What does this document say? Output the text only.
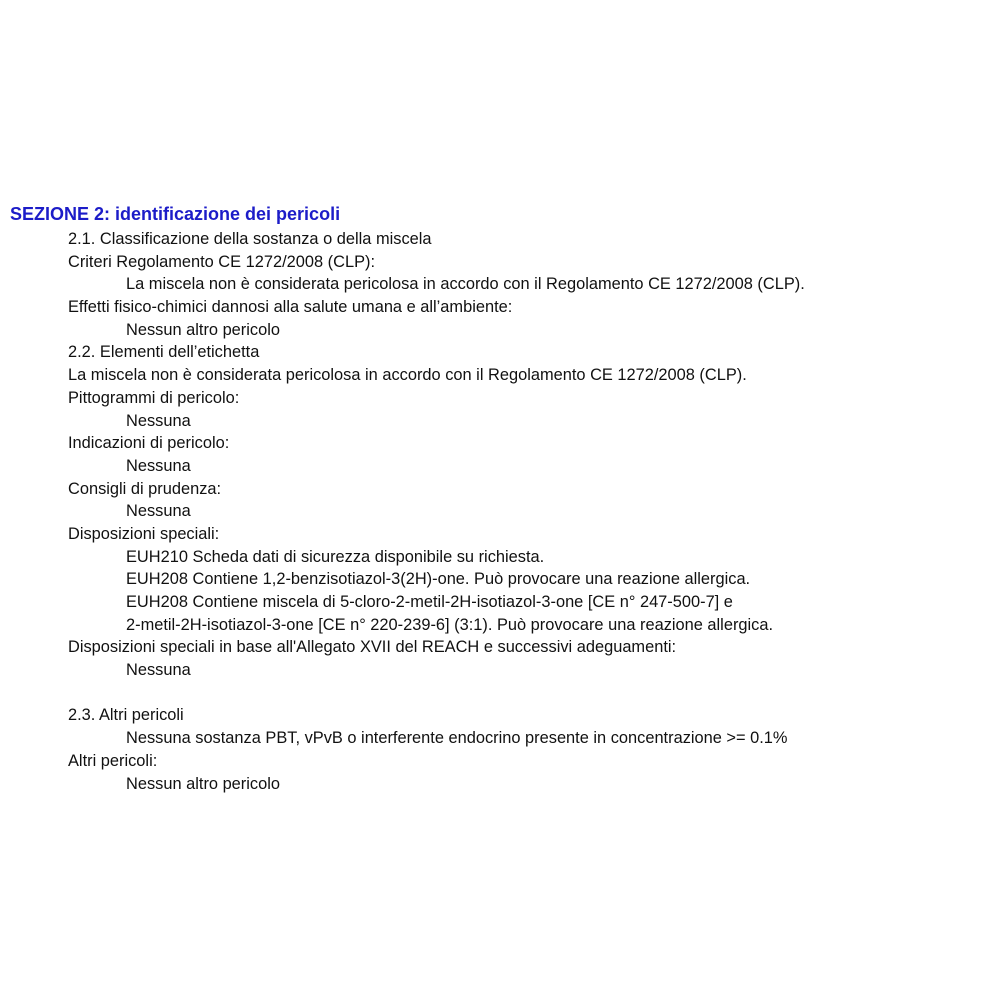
SEZIONE 2: identificazione dei pericoli
2.1. Classificazione della sostanza o della miscela
Criteri Regolamento CE 1272/2008 (CLP):
La miscela non è considerata pericolosa in accordo con il Regolamento CE 1272/2008 (CLP).
Effetti fisico-chimici dannosi alla salute umana e all’ambiente:
Nessun altro pericolo
2.2. Elementi dell’etichetta
La miscela non è considerata pericolosa in accordo con il Regolamento CE 1272/2008 (CLP).
Pittogrammi di pericolo:
Nessuna
Indicazioni di pericolo:
Nessuna
Consigli di prudenza:
Nessuna
Disposizioni speciali:
EUH210 Scheda dati di sicurezza disponibile su richiesta.
EUH208 Contiene 1,2-benzisotiazol-3(2H)-one. Può provocare una reazione allergica.
EUH208 Contiene miscela di 5-cloro-2-metil-2H-isotiazol-3-one [CE n° 247-500-7] e
2-metil-2H-isotiazol-3-one [CE n° 220-239-6] (3:1). Può provocare una reazione allergica.
Disposizioni speciali in base all'Allegato XVII del REACH e successivi adeguamenti:
Nessuna
2.3. Altri pericoli
Nessuna sostanza PBT, vPvB o interferente endocrino presente in concentrazione >= 0.1%
Altri pericoli:
Nessun altro pericolo
